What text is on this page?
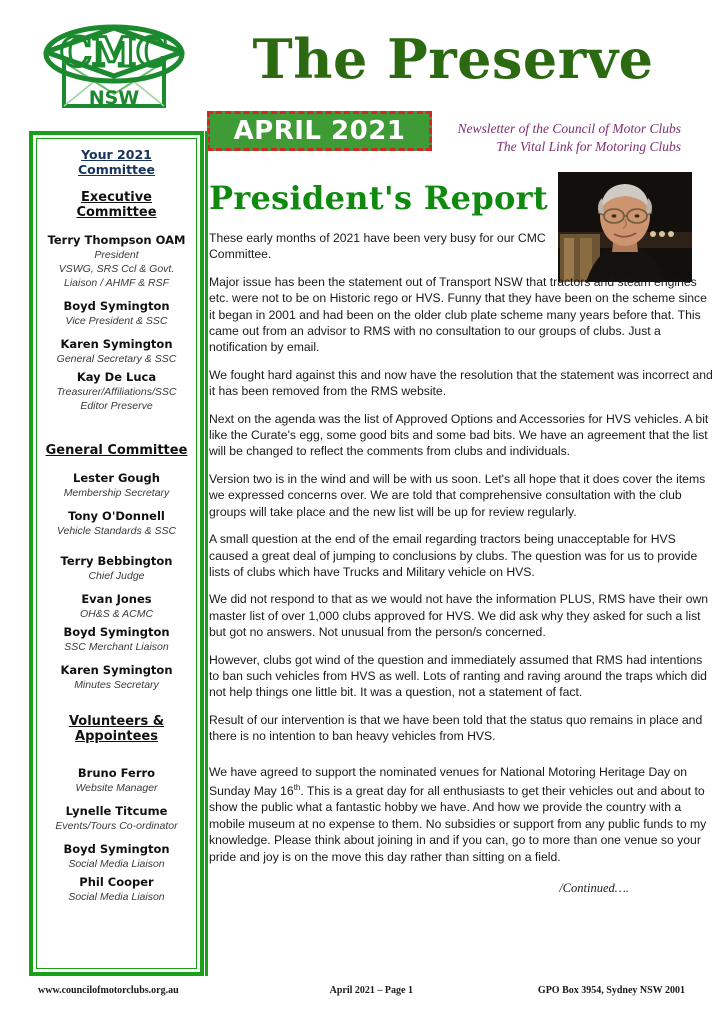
CMC
NSW
The Preserve
APRIL 2021	Newsletter of the Council of Motor Clubs
The Vital Link for Motoring Clubs
Your 2021 Committee
Executive Committee
Terry Thompson OAM
President
VSWG, SRS Ccl & Govt.
Liaison / AHMF & RSF
Boyd Symington
Vice President & SSC
Karen Symington
General Secretary & SSC
Kay De Luca
Treasurer/Affiliations/SSC
Editor Preserve
General Committee
Lester Gough
Membership Secretary
Tony O'Donnell
Vehicle Standards & SSC
Terry Bebbington
Chief Judge
Evan Jones
OH&S & ACMC
Boyd Symington
SSC Merchant Liaison
Karen Symington
Minutes Secretary
Volunteers & Appointees
Bruno Ferro
Website Manager
Lynelle Titcume
Events/Tours Co-ordinator
Boyd Symington
Social Media Liaison
Phil Cooper
Social Media Liaison
President's Report

These early months of 2021 have been very busy for our CMC Committee.

Major issue has been the statement out of Transport NSW that tractors and steam engines etc. were not to be on Historic rego or HVS. Funny that they have been on the scheme since it began in 2001 and had been on the older club plate scheme many years before that. This came out from an advisor to RMS with no consultation to our groups of clubs. Just a notification by email.

We fought hard against this and now have the resolution that the statement was incorrect and it has been removed from the RMS website.

Next on the agenda was the list of Approved Options and Accessories for HVS vehicles. A bit like the Curate's egg, some good bits and some bad bits. We have an agreement that the list will be changed to reflect the comments from clubs and individuals.

Version two is in the wind and will be with us soon. Let's all hope that it does cover the items we expressed concerns over. We are told that comprehensive consultation with the club groups will take place and the new list will be up for review regularly.

A small question at the end of the email regarding tractors being unacceptable for HVS caused a great deal of jumping to conclusions by clubs. The question was for us to provide lists of clubs which have Trucks and Military vehicle on HVS.

We did not respond to that as we would not have the information PLUS, RMS have their own master list of over 1,000 clubs approved for HVS. We did ask why they asked for such a list but got no answers. Not unusual from the person/s concerned.

However, clubs got wind of the question and immediately assumed that RMS had intentions to ban such vehicles from HVS as well. Lots of ranting and raving around the traps which did not help things one little bit. It was a question, not a statement of fact.

Result of our intervention is that we have been told that the status quo remains in place and there is no intention to ban heavy vehicles from HVS.

We have agreed to support the nominated venues for National Motoring Heritage Day on Sunday May 16th. This is a great day for all enthusiasts to get their vehicles out and about to show the public what a fantastic hobby we have. And how we provide the country with a mobile museum at no expense to them. No subsidies or support from any public funds to my knowledge. Please think about joining in and if you can, go to more than one venue so your pride and joy is on the move this day rather than sitting on a field.

/Continued….
www.councilofmotorclubs.org.au	April 2021 – Page 1	GPO Box 3954, Sydney NSW 2001
